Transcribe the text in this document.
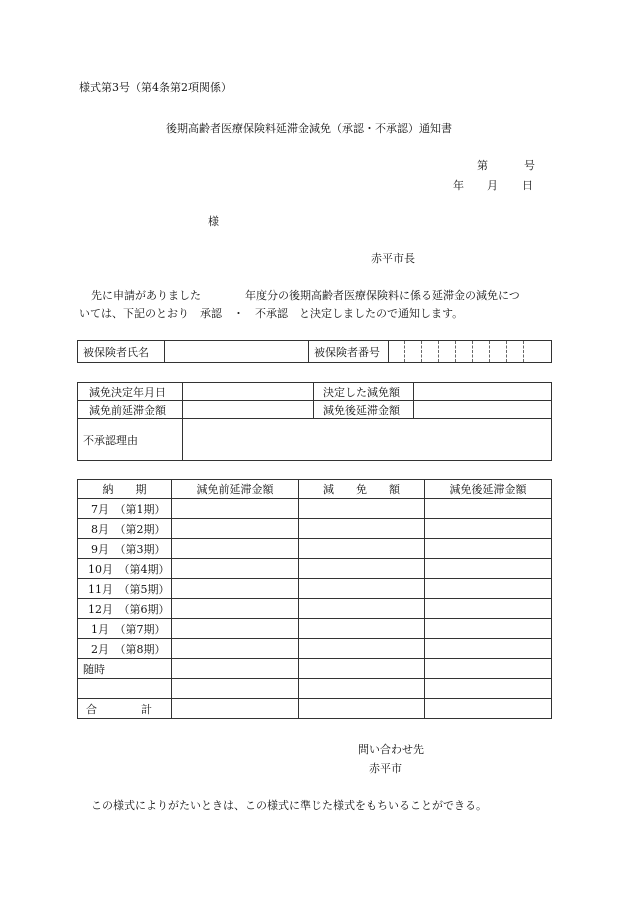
様式第3号（第4条第2項関係）
後期高齢者医療保険料延滞金減免（承認・不承認）通知書
第	号
年 月 日
様
赤平市長
先に申請がありました　　　　年度分の後期高齢者医療保険料に係る延滞金の減免につ
いては、下記のとおり　承認　・　不承認　と決定しましたので通知します。
被保険者氏名		被保険者番号									
減免決定年月日		決定した減免額	
減免前延滞金額		減免後延滞金額	
不承認理由			
納　　期	減免前延滞金額	減　　免　　額	減免後延滞金額
7月　（第1期）			
8月　（第2期）			
9月　（第3期）			
10月　（第4期）			
11月　（第5期）			
12月　（第6期）			
1月　（第7期）			
2月　（第8期）			
随時			

合　　　　計			
問い合わせ先
赤平市
この様式によりがたいときは、この様式に準じた様式をもちいることができる。
